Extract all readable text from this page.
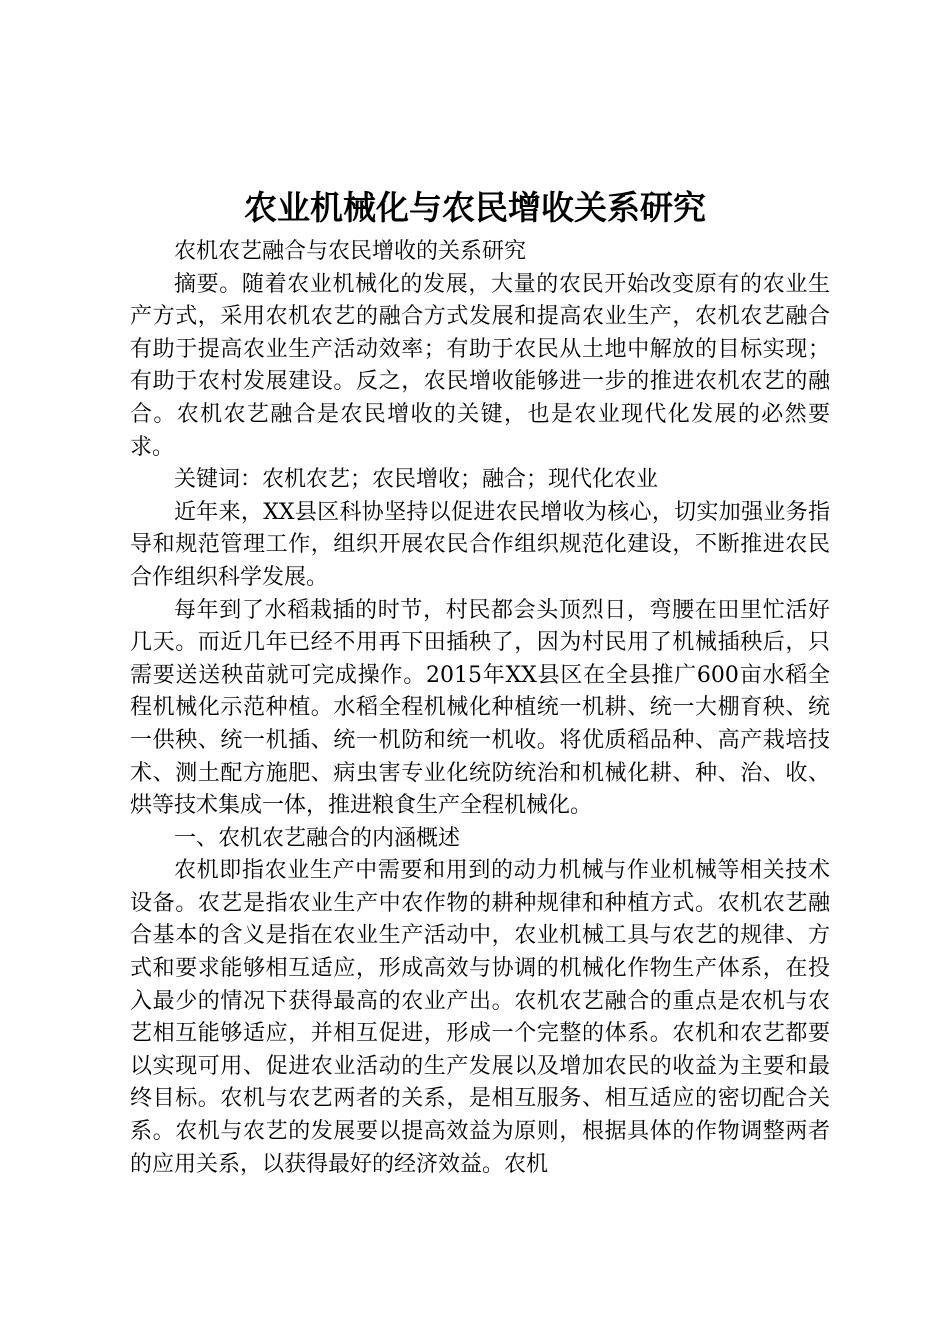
农业机械化与农民增收关系研究

农机农艺融合与农民增收的关系研究

摘要。随着农业机械化的发展，大量的农民开始改变原有的农业生产方式，采用农机农艺的融合方式发展和提高农业生产，农机农艺融合有助于提高农业生产活动效率；有助于农民从土地中解放的目标实现；有助于农村发展建设。反之，农民增收能够进一步的推进农机农艺的融合。农机农艺融合是农民增收的关键，也是农业现代化发展的必然要求。

关键词：农机农艺；农民增收；融合；现代化农业

近年来，XX县区科协坚持以促进农民增收为核心，切实加强业务指导和规范管理工作，组织开展农民合作组织规范化建设，不断推进农民合作组织科学发展。

每年到了水稻栽插的时节，村民都会头顶烈日，弯腰在田里忙活好几天。而近几年已经不用再下田插秧了，因为村民用了机械插秧后，只需要送送秧苗就可完成操作。2015年XX县区在全县推广600亩水稻全程机械化示范种植。水稻全程机械化种植统一机耕、统一大棚育秧、统一供秧、统一机插、统一机防和统一机收。将优质稻品种、高产栽培技术、测土配方施肥、病虫害专业化统防统治和机械化耕、种、治、收、烘等技术集成一体，推进粮食生产全程机械化。

一、农机农艺融合的内涵概述

农机即指农业生产中需要和用到的动力机械与作业机械等相关技术设备。农艺是指农业生产中农作物的耕种规律和种植方式。农机农艺融合基本的含义是指在农业生产活动中，农业机械工具与农艺的规律、方式和要求能够相互适应，形成高效与协调的机械化作物生产体系，在投入最少的情况下获得最高的农业产出。农机农艺融合的重点是农机与农艺相互能够适应，并相互促进，形成一个完整的体系。农机和农艺都要以实现可用、促进农业活动的生产发展以及增加农民的收益为主要和最终目标。农机与农艺两者的关系，是相互服务、相互适应的密切配合关系。农机与农艺的发展要以提高效益为原则，根据具体的作物调整两者的应用关系，以获得最好的经济效益。农机
